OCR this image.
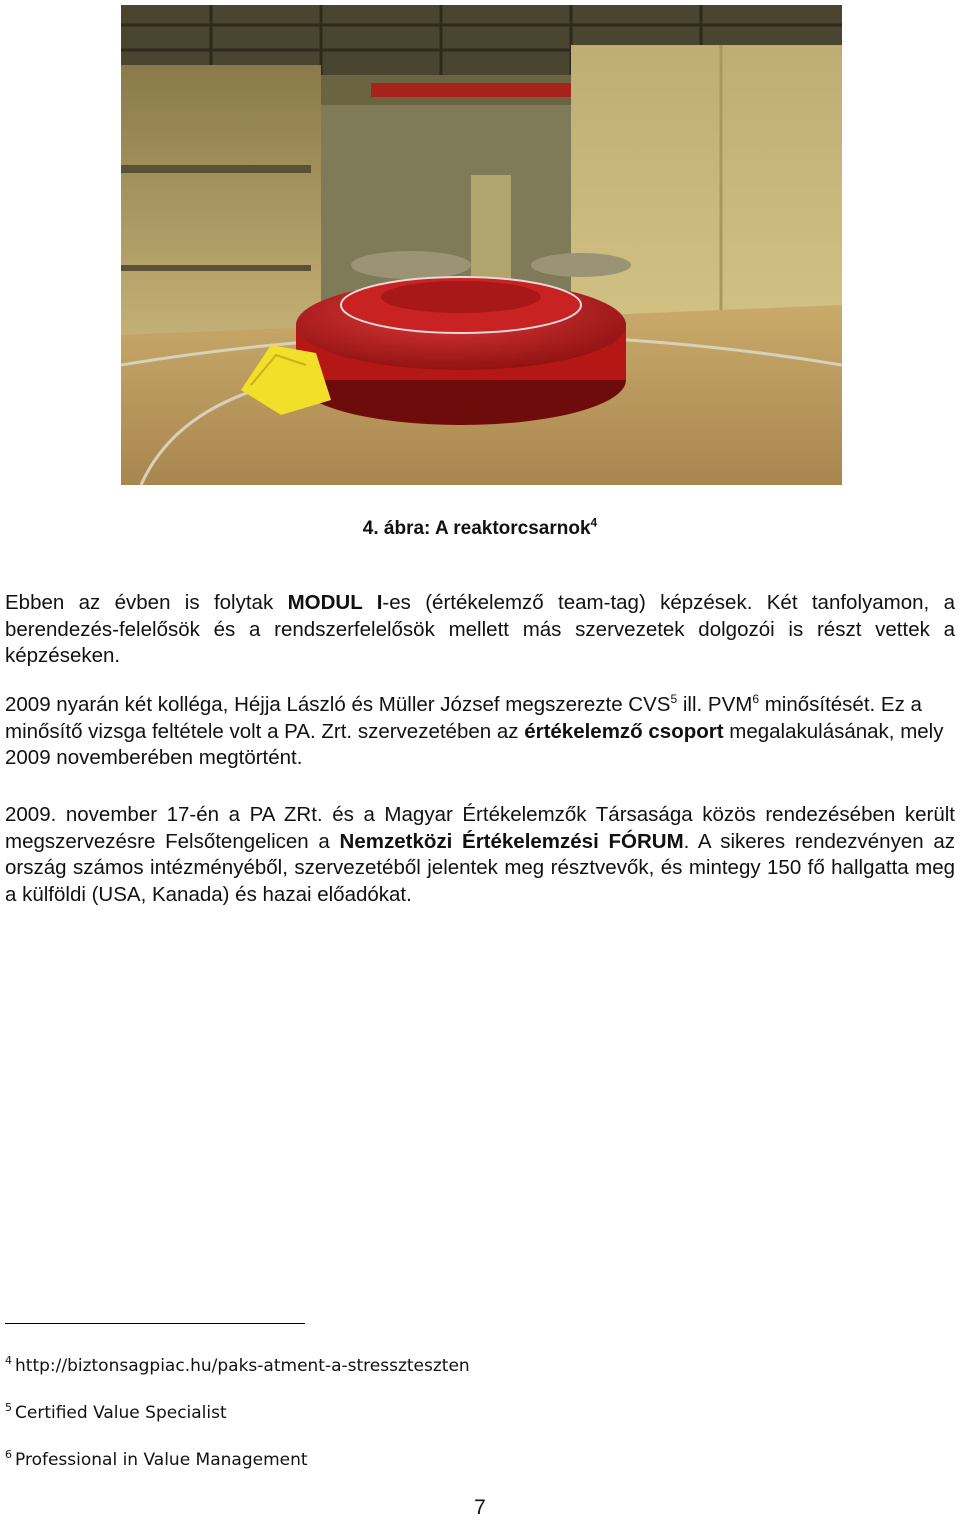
4. ábra: A reaktorcsarnok$^4$
Ebben az évben is folytak MODUL I-es (értékelemző team-tag) képzések. Két tanfolyamon, a berendezés-felelősök és a rendszerfelelősök mellett más szervezetek dolgozói is részt vettek a képzéseken.
2009 nyarán két kolléga, Héjja László és Müller József megszerezte CVS$^5$ ill. PVM$^6$ minősítését. Ez a minősítő vizsga feltétele volt a PA. Zrt. szervezetében az értékelemző csoport megalakulásának, mely 2009 novemberében megtörtént.
2009. november 17-én a PA ZRt. és a Magyar Értékelemzők Társasága közös rendezésében került megszervezésre Felsőtengelicen a Nemzetközi Értékelemzési FÓRUM. A sikeres rendezvényen az ország számos intézményéből, szervezetéből jelentek meg résztvevők, és mintegy 150 fő hallgatta meg a külföldi (USA, Kanada) és hazai előadókat.
$^4$ http://biztonsagpiac.hu/paks-atment-a-stresszteszten
$^5$ Certified Value Specialist
$^6$ Professional in Value Management
7
